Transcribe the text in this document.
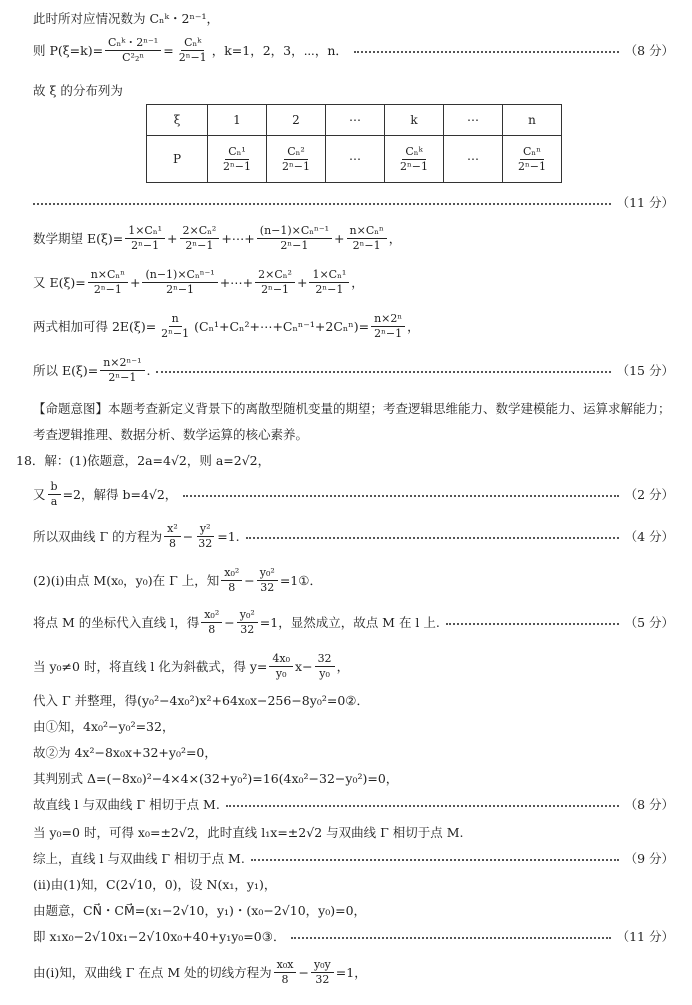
此时所对应情况数为 Cₙᵏ・2ⁿ⁻¹，
则 $P(\xi=k)= \frac{\text{Cₙᵏ・2ⁿ⁻¹}}{\text{C²₂ⁿ}} = \frac{\text{Cₙᵏ}}{\text{2ⁿ−1}}$ ，k=1，2，3，⋯，n．	（8 分）
故 ξ 的分布列为
ξ	1	2	⋯	k	⋯	n
P	$\frac{\text{Cₙ¹}}{\text{2ⁿ−1}}$	$\frac{\text{Cₙ²}}{\text{2ⁿ−1}}$	⋯	$\frac{\text{Cₙᵏ}}{\text{2ⁿ−1}}$	⋯	$\frac{\text{Cₙⁿ}}{\text{2ⁿ−1}}$
（11 分）
数学期望 $E(\xi)= \frac{\text{1×Cₙ¹}}{\text{2ⁿ−1}} + \frac{\text{2×Cₙ²}}{\text{2ⁿ−1}}$ +⋯+ $\frac{\text{(n−1)×Cₙⁿ⁻¹}}{\text{2ⁿ−1}} + \frac{\text{n×Cₙⁿ}}{\text{2ⁿ−1}}$ ，
又 $E(\xi)= \frac{\text{n×Cₙⁿ}}{\text{2ⁿ−1}} + \frac{\text{(n−1)×Cₙⁿ⁻¹}}{\text{2ⁿ−1}}$ +⋯+ $\frac{\text{2×Cₙ²}}{\text{2ⁿ−1}} + \frac{\text{1×Cₙ¹}}{\text{2ⁿ−1}}$ ，
两式相加可得 $2E(\xi)= \frac{n}{\text{2ⁿ−1}}$ (Cₙ¹+Cₙ²+⋯+Cₙⁿ⁻¹+2Cₙⁿ)= $\frac{\text{n×2ⁿ}}{\text{2ⁿ−1}}$ ，
所以 $E(\xi)= \frac{\text{n×2ⁿ⁻¹}}{\text{2ⁿ−1}}$ .	（15 分）
【命题意图】本题考查新定义背景下的离散型随机变量的期望；考查逻辑思维能力、数学建模能力、运算求解能力；考查逻辑推理、数据分析、数学运算的核心素养。
18．解：(1)依题意，2a=4√2，则 a=2√2，
又 $\frac{b}{a} =2$，解得 b=4√2，	（2 分）
所以双曲线 Γ 的方程为 $\frac{\text{x²}}{8} - \frac{\text{y²}}{32} =1$.	（4 分）
(2)(i)由点 M(x₀，y₀)在 Γ 上，知 $\frac{\text{x₀²}}{8} - \frac{\text{y₀²}}{32}$ =1①．
将点 M 的坐标代入直线 l，得 $\frac{\text{x₀²}}{8} - \frac{\text{y₀²}}{32} =1$，显然成立，故点 M 在 l 上.	（5 分）
当 y₀≠0 时，将直线 l 化为斜截式，得 $y= \frac{\text{4x₀}}{\text{y₀}} x- \frac{32}{\text{y₀}}$ ，
代入 Γ 并整理，得(y₀²−4x₀²)x²+64x₀x−256−8y₀²=0②．
由①知，4x₀²−y₀²=32，
故②为 4x²−8x₀x+32+y₀²=0，
其判别式 Δ=(−8x₀)²−4×4×(32+y₀²)=16(4x₀²−32−y₀²)=0，
故直线 l 与双曲线 Γ 相切于点 M.	（8 分）
当 y₀=0 时，可得 x₀=±2√2，此时直线 l₁x=±2√2 与双曲线 Γ 相切于点 M.
综上，直线 l 与双曲线 Γ 相切于点 M.	（9 分）
(ii)由(1)知，C(2√10，0)，设 N(x₁，y₁)，
由题意，CN⃗・CM⃗=(x₁−2√10，y₁)・(x₀−2√10，y₀)=0，
即 x₁x₀−2√10x₁−2√10x₀+40+y₁y₀=0③．	（11 分）
由(i)知，双曲线 Γ 在点 M 处的切线方程为 $\frac{\text{x₀x}}{8} - \frac{\text{y₀y}}{32} =1$，
